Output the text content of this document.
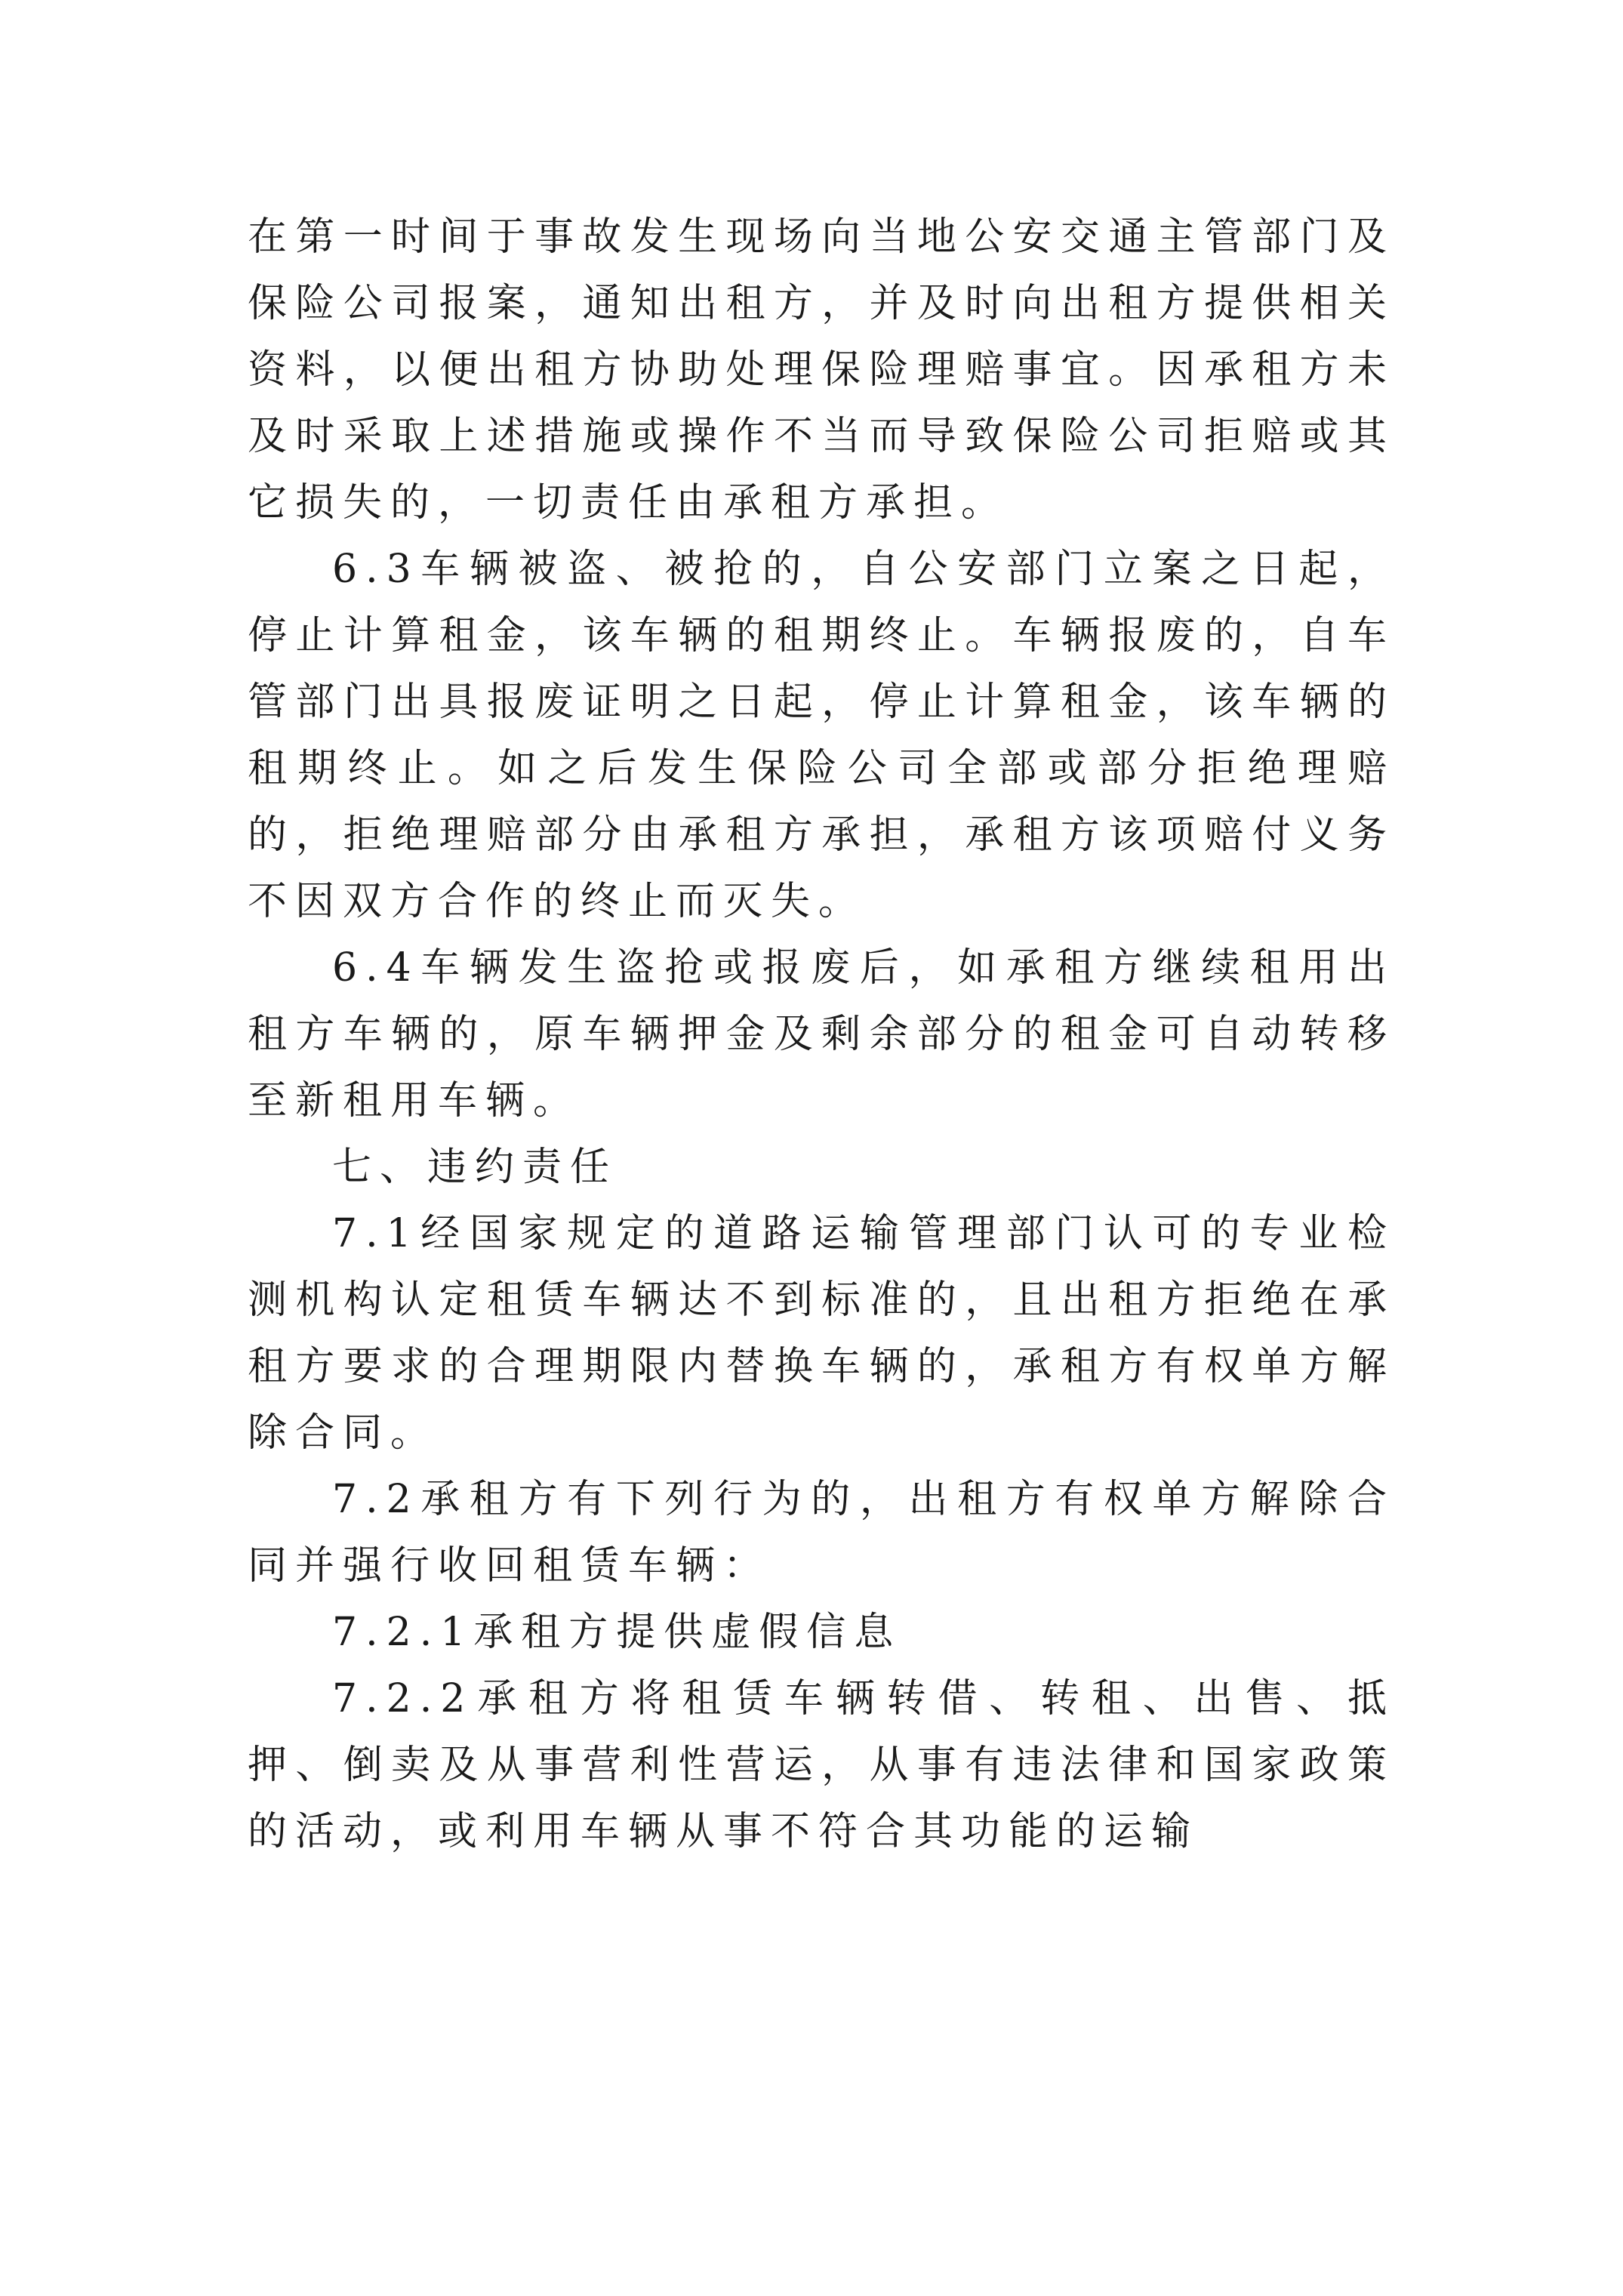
在第一时间于事故发生现场向当地公安交通主管部门及保险公司报案，通知出租方，并及时向出租方提供相关资料，以便出租方协助处理保险理赔事宜。因承租方未及时采取上述措施或操作不当而导致保险公司拒赔或其它损失的，一切责任由承租方承担。

6.3车辆被盗、被抢的，自公安部门立案之日起，停止计算租金，该车辆的租期终止。车辆报废的，自车管部门出具报废证明之日起，停止计算租金，该车辆的租期终止。如之后发生保险公司全部或部分拒绝理赔的，拒绝理赔部分由承租方承担，承租方该项赔付义务不因双方合作的终止而灭失。

6.4车辆发生盗抢或报废后，如承租方继续租用出租方车辆的，原车辆押金及剩余部分的租金可自动转移至新租用车辆。

七、违约责任

7.1经国家规定的道路运输管理部门认可的专业检测机构认定租赁车辆达不到标准的，且出租方拒绝在承租方要求的合理期限内替换车辆的，承租方有权单方解除合同。

7.2承租方有下列行为的，出租方有权单方解除合同并强行收回租赁车辆：

7.2.1承租方提供虚假信息

7.2.2承租方将租赁车辆转借、转租、出售、抵押、倒卖及从事营利性营运，从事有违法律和国家政策的活动，或利用车辆从事不符合其功能的运输
